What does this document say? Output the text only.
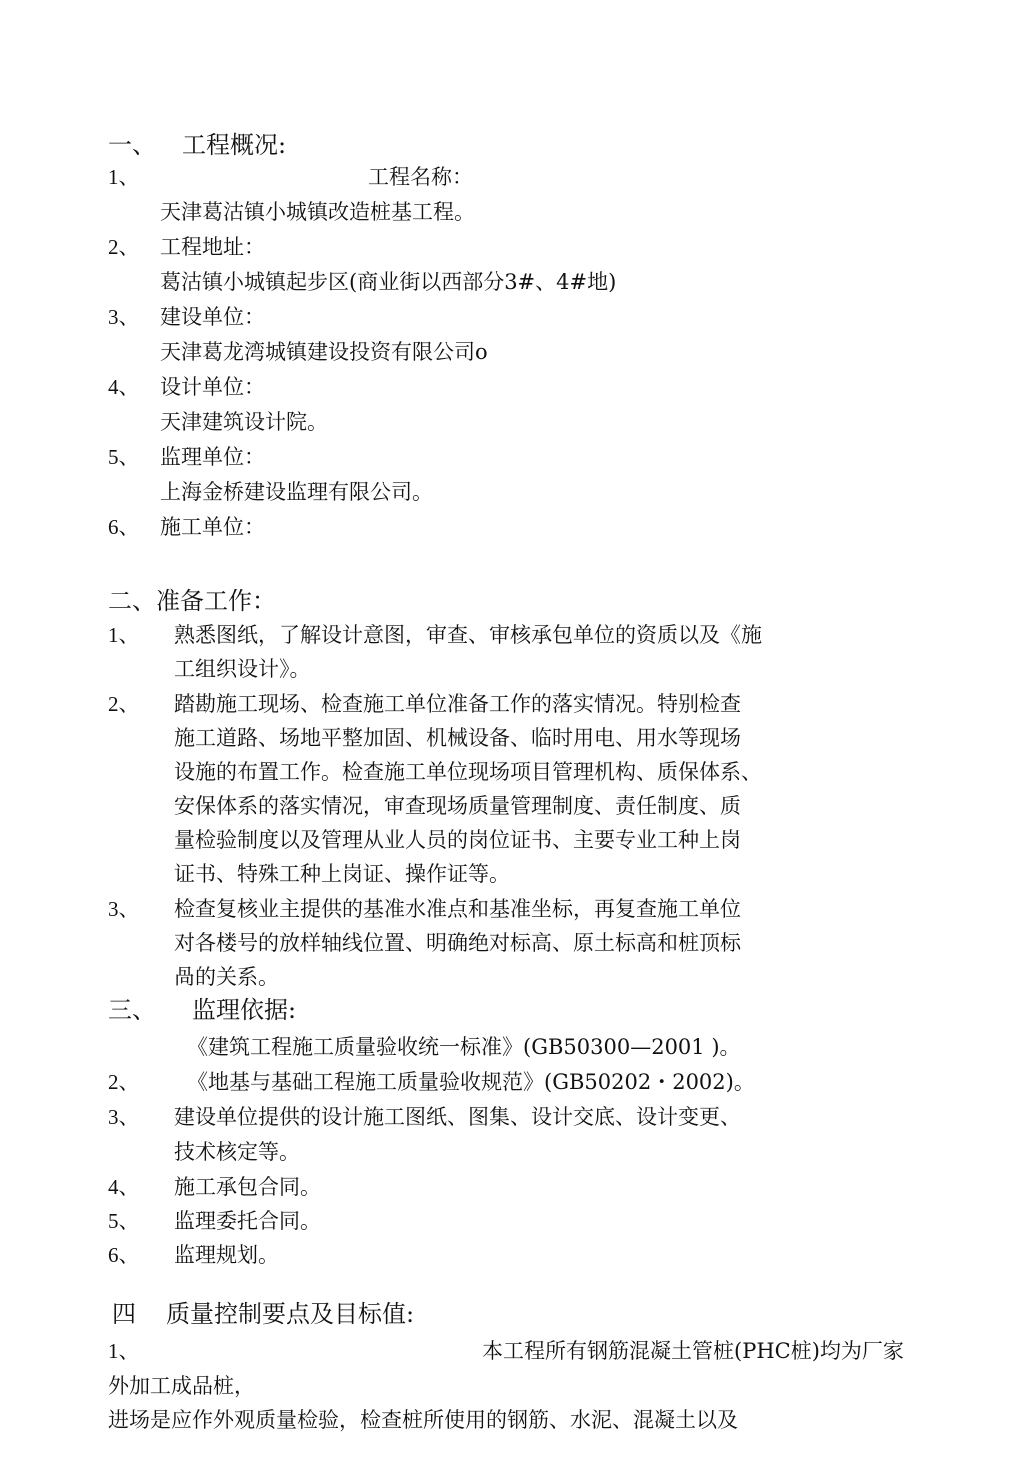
一、 工程概况:
1、	工程名称：
天津葛沽镇小城镇改造桩基工程。
2、 工程地址：
葛沽镇小城镇起步区(商业街以西部分3#、4#地)
3、 建设单位：
天津葛龙湾城镇建设投资有限公司o
4、 设计单位：
天津建筑设计院。
5、 监理单位：
上海金桥建设监理有限公司。
6、 施工单位：
二、准备工作：
1、 熟悉图纸，了解设计意图，审查、审核承包单位的资质以及《施
工组织设计》。
2、 踏勘施工现场、检查施工单位准备工作的落实情况。特别检查
施工道路、场地平整加固、机械设备、临时用电、用水等现场
设施的布置工作。检查施工单位现场项目管理机构、质保体系、
安保体系的落实情况，审查现场质量管理制度、责任制度、质
量检验制度以及管理从业人员的岗位证书、主要专业工种上岗
证书、特殊工种上岗证、操作证等。
3、 检查复核业主提供的基准水准点和基准坐标，再复查施工单位
对各楼号的放样轴线位置、明确绝对标高、原土标高和桩顶标
咼的关系。
三、 监理依据:
《建筑工程施工质量验收统一标准》(GB50300—2001 )。
2、 《地基与基础工程施工质量验收规范》(GB50202・2002)。
3、 建设单位提供的设计施工图纸、图集、设计交底、设计变更、
技术核定等。
4、 施工承包合同。
5、 监理委托合同。
6、 监理规划。
四 质量控制要点及目标值:
1、	本工程所有钢筋混凝土管桩(PHC桩)均为厂家
外加工成品桩，
进场是应作外观质量检验，检查桩所使用的钢筋、水泥、混凝土以及
